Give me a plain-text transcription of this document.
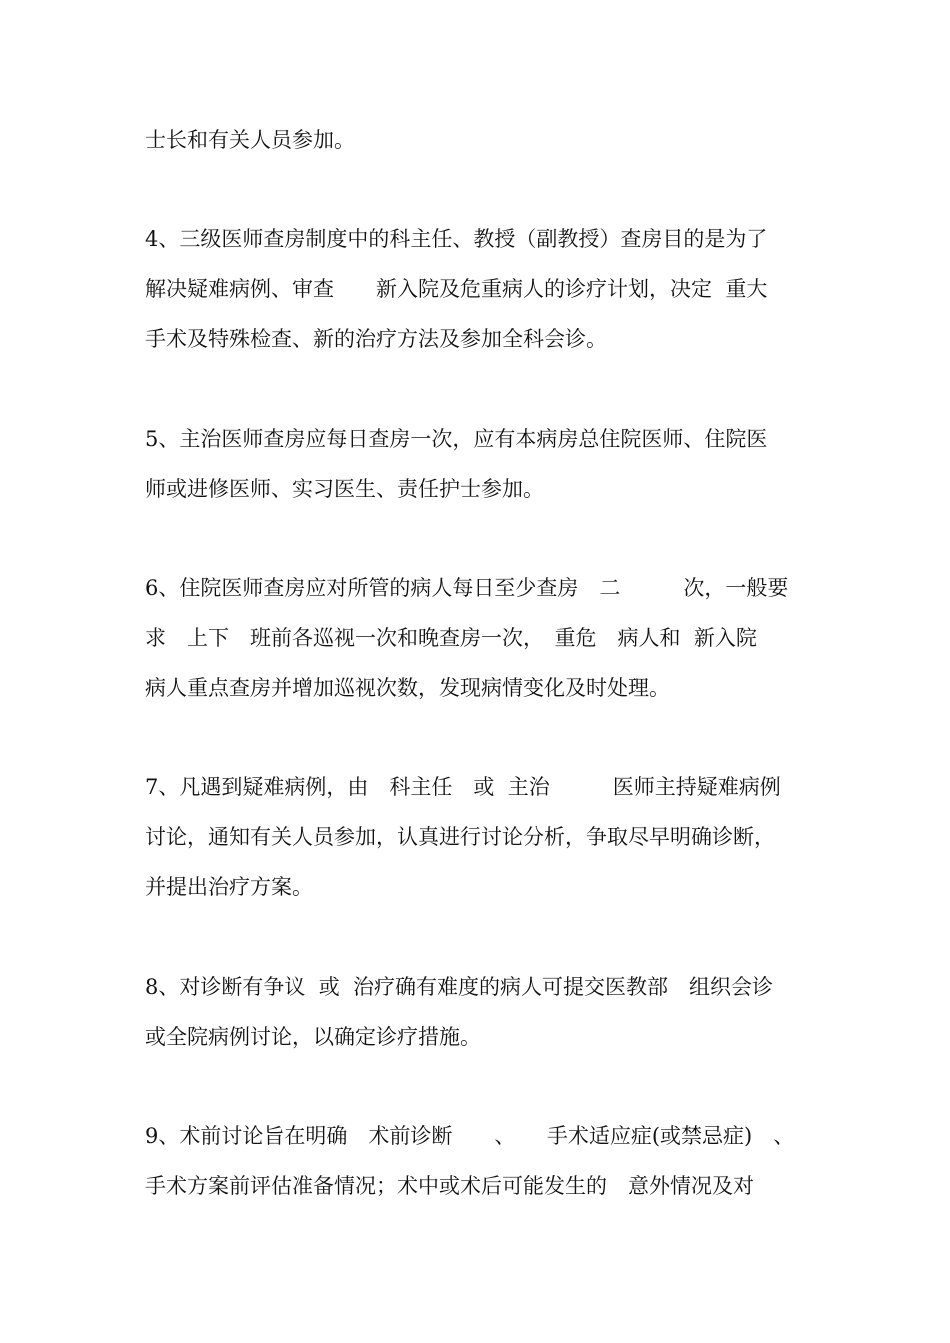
士长和有关人员参加。
4、三级医师查房制度中的科主任、教授（副教授）查房目的是为了
解决疑难病例、审查　　新入院及危重病人的诊疗计划，决定  重大
手术及特殊检查、新的治疗方法及参加全科会诊。
5、主治医师查房应每日查房一次，应有本病房总住院医师、住院医
师或进修医师、实习医生、责任护士参加。
6、住院医师查房应对所管的病人每日至少查房　二　　　次，一般要
求　上下　班前各巡视一次和晚查房一次，　重危　病人和  新入院
病人重点查房并增加巡视次数，发现病情变化及时处理。
7、凡遇到疑难病例，由　科主任　或  主治　　　医师主持疑难病例
讨论，通知有关人员参加，认真进行讨论分析，争取尽早明确诊断，
并提出治疗方案。
8、对诊断有争议  或  治疗确有难度的病人可提交医教部　组织会诊
或全院病例讨论，以确定诊疗措施。
9、术前讨论旨在明确　术前诊断　　、　　手术适应症(或禁忌症)　、
手术方案前评估准备情况；术中或术后可能发生的　意外情况及对
